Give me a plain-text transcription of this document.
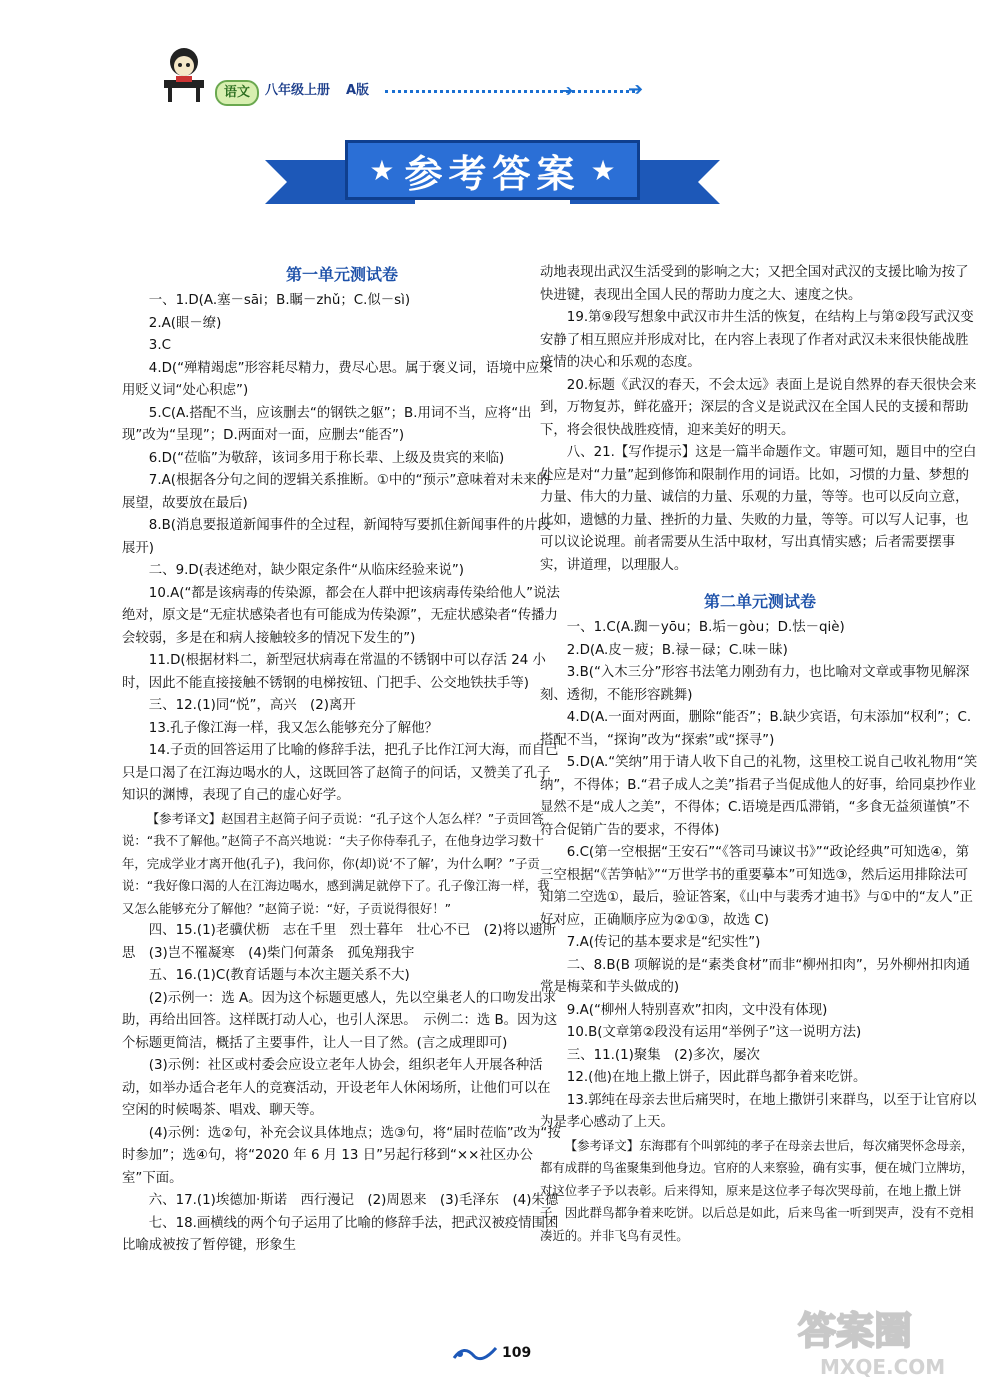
语文	八年级上册 A版	➔	➔
★ 参考答案 ★
第一单元测试卷

一、1.D(A.塞－sāi；B.瞩－zhǔ；C.似－sì)

2.A(眼－缭)

3.C

4.D(“殚精竭虑”形容耗尽精力，费尽心思。属于褒义词，语境中应采用贬义词“处心积虑”)

5.C(A.搭配不当，应该删去“的钢铁之躯”；B.用词不当，应将“出现”改为“呈现”；D.两面对一面，应删去“能否”)

6.D(“莅临”为敬辞，该词多用于称长辈、上级及贵宾的来临)

7.A(根据各分句之间的逻辑关系推断。①中的“预示”意味着对未来的展望，故要放在最后)

8.B(消息要报道新闻事件的全过程，新闻特写要抓住新闻事件的片段展开)

二、9.D(表述绝对，缺少限定条件“从临床经验来说”)

10.A(“都是该病毒的传染源，都会在人群中把该病毒传染给他人”说法绝对，原文是“无症状感染者也有可能成为传染源”，无症状感染者“传播力会较弱，多是在和病人接触较多的情况下发生的”)

11.D(根据材料二，新型冠状病毒在常温的不锈钢中可以存活 24 小时，因此不能直接接触不锈钢的电梯按钮、门把手、公交地铁扶手等)

三、12.(1)同“悦”，高兴　(2)离开

13.孔子像江海一样，我又怎么能够充分了解他？

14.子贡的回答运用了比喻的修辞手法，把孔子比作江河大海，而自己只是口渴了在江海边喝水的人，这既回答了赵简子的问话，又赞美了孔子知识的渊博，表现了自己的虚心好学。

【参考译文】赵国君主赵简子问子贡说：“孔子这个人怎么样？”子贡回答说：“我不了解他。”赵简子不高兴地说：“夫子你侍奉孔子，在他身边学习数十年，完成学业才离开他(孔子)，我问你，你(却)说‘不了解’，为什么啊？”子贡说：“我好像口渴的人在江海边喝水，感到满足就停下了。孔子像江海一样，我又怎么能够充分了解他？”赵简子说：“好，子贡说得很好！”

四、15.(1)老骥伏枥　志在千里　烈士暮年　壮心不已　(2)将以遗所思　(3)岂不罹凝寒　(4)柴门何萧条　孤兔翔我宇

五、16.(1)C(教育话题与本次主题关系不大)

(2)示例一：选 A。因为这个标题更感人，先以空巢老人的口吻发出求助，再给出回答。这样既打动人心，也引人深思。　示例二：选 B。因为这个标题更简洁，概括了主要事件，让人一目了然。(言之成理即可)

(3)示例：社区或村委会应设立老年人协会，组织老年人开展各种活动，如举办适合老年人的竞赛活动，开设老年人休闲场所，让他们可以在空闲的时候喝茶、唱戏、聊天等。

(4)示例：选②句，补充会议具体地点；选③句，将“届时莅临”改为“按时参加”；选④句，将“2020 年 6 月 13 日”另起行移到“××社区办公室”下面。

六、17.(1)埃德加·斯诺　西行漫记　(2)周恩来　(3)毛泽东　(4)朱德

七、18.画横线的两个句子运用了比喻的修辞手法，把武汉被疫情围困比喻成被按了暂停键，形象生

动地表现出武汉生活受到的影响之大；又把全国对武汉的支援比喻为按了快进键，表现出全国人民的帮助力度之大、速度之快。

19.第⑨段写想象中武汉市井生活的恢复，在结构上与第②段写武汉变安静了相互照应并形成对比，在内容上表现了作者对武汉未来很快能战胜疫情的决心和乐观的态度。

20.标题《武汉的春天，不会太远》表面上是说自然界的春天很快会来到，万物复苏，鲜花盛开；深层的含义是说武汉在全国人民的支援和帮助下，将会很快战胜疫情，迎来美好的明天。

八、21.【写作提示】这是一篇半命题作文。审题可知，题目中的空白处应是对“力量”起到修饰和限制作用的词语。比如，习惯的力量、梦想的力量、伟大的力量、诚信的力量、乐观的力量，等等。也可以反向立意，比如，遗憾的力量、挫折的力量、失败的力量，等等。可以写人记事，也可以议论说理。前者需要从生活中取材，写出真情实感；后者需要摆事实，讲道理，以理服人。

第二单元测试卷

一、1.C(A.踟－yōu；B.垢－gòu；D.怯－qiè)

2.D(A.皮－疲；B.禄－碌；C.味－昧)

3.B(“入木三分”形容书法笔力刚劲有力，也比喻对文章或事物见解深刻、透彻，不能形容跳舞)

4.D(A.一面对两面，删除“能否”；B.缺少宾语，句末添加“权利”；C.搭配不当，“探询”改为“探索”或“探寻”)

5.D(A.“笑纳”用于请人收下自己的礼物，这里校工说自己收礼物用“笑纳”，不得体；B.“君子成人之美”指君子当促成他人的好事，给同桌抄作业显然不是“成人之美”，不得体；C.语境是西瓜滞销，“多食无益须谨慎”不符合促销广告的要求，不得体)

6.C(第一空根据“王安石”“《答司马谏议书》”“政论经典”可知选④，第三空根据“《苦笋帖》”“万世学书的重要摹本”可知选③，然后运用排除法可知第二空选①，最后，验证答案，《山中与裴秀才迪书》与①中的“友人”正好对应，正确顺序应为②①③，故选 C)

7.A(传记的基本要求是“纪实性”)

二、8.B(B 项解说的是“素类食材”而非“柳州扣肉”，另外柳州扣肉通常是梅菜和芋头做成的)

9.A(“柳州人特别喜欢”扣肉，文中没有体现)

10.B(文章第②段没有运用“举例子”这一说明方法)

三、11.(1)聚集　(2)多次，屡次

12.(他)在地上撒上饼子，因此群鸟都争着来吃饼。

13.郭纯在母亲去世后痛哭时，在地上撒饼引来群鸟，以至于让官府以为是孝心感动了上天。

【参考译文】东海郡有个叫郭纯的孝子在母亲去世后，每次痛哭怀念母亲，都有成群的鸟雀聚集到他身边。官府的人来察验，确有实事，便在城门立牌坊，对这位孝子予以表彰。后来得知，原来是这位孝子每次哭母前，在地上撒上饼子，因此群鸟都争着来吃饼。以后总是如此，后来鸟雀一听到哭声，没有不竞相凑近的。并非飞鸟有灵性。

109	答案圈
MXQE.COM
